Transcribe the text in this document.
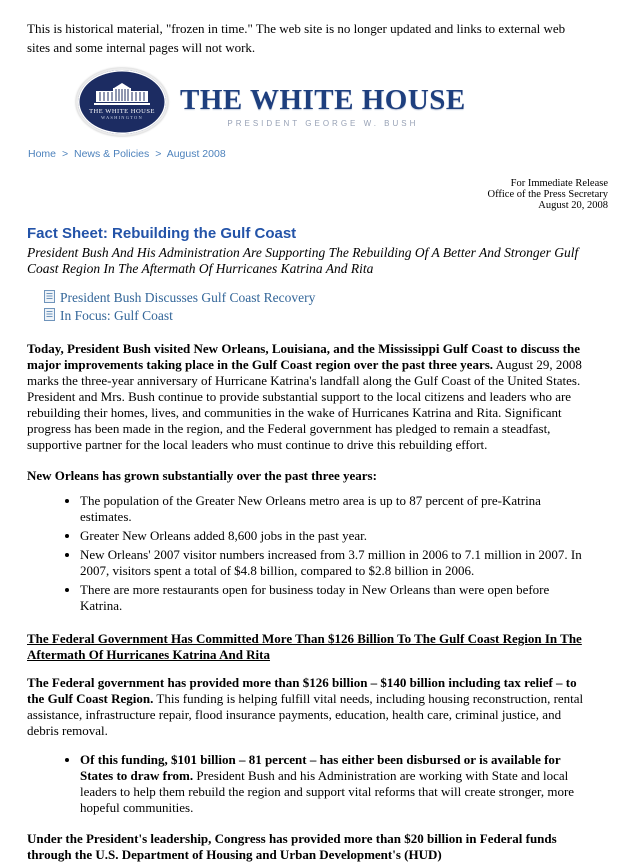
This is historical material, "frozen in time." The web site is no longer updated and links to external web sites and some internal pages will not work.
THE WHITE HOUSE
WASHINGTON
THE WHITE HOUSE
PRESIDENT GEORGE W. BUSH
Home > News & Policies > August 2008
For Immediate Release
Office of the Press Secretary
August 20, 2008
Fact Sheet: Rebuilding the Gulf Coast
President Bush And His Administration Are Supporting The Rebuilding Of A Better And Stronger Gulf Coast Region In The Aftermath Of Hurricanes Katrina And Rita
President Bush Discusses Gulf Coast Recovery
In Focus: Gulf Coast

Today, President Bush visited New Orleans, Louisiana, and the Mississippi Gulf Coast to discuss the major improvements taking place in the Gulf Coast region over the past three years. August 29, 2008 marks the three-year anniversary of Hurricane Katrina's landfall along the Gulf Coast of the United States. President and Mrs. Bush continue to provide substantial support to the local citizens and leaders who are rebuilding their homes, lives, and communities in the wake of Hurricanes Katrina and Rita. Significant progress has been made in the region, and the Federal government has pledged to remain a steadfast, supportive partner for the local leaders who must continue to drive this rebuilding effort.

New Orleans has grown substantially over the past three years:
• The population of the Greater New Orleans metro area is up to 87 percent of pre-Katrina estimates.
• Greater New Orleans added 8,600 jobs in the past year.
• New Orleans' 2007 visitor numbers increased from 3.7 million in 2006 to 7.1 million in 2007. In 2007, visitors spent a total of $4.8 billion, compared to $2.8 billion in 2006.
• There are more restaurants open for business today in New Orleans than were open before Katrina.
The Federal Government Has Committed More Than $126 Billion To The Gulf Coast Region In The Aftermath Of Hurricanes Katrina And Rita

The Federal government has provided more than $126 billion – $140 billion including tax relief – to the Gulf Coast Region. This funding is helping fulfill vital needs, including housing reconstruction, rental assistance, infrastructure repair, flood insurance payments, education, health care, criminal justice, and debris removal.

• Of this funding, $101 billion – 81 percent – has either been disbursed or is available for States to draw from. President Bush and his Administration are working with State and local leaders to help them rebuild the region and support vital reforms that will create stronger, more hopeful communities.

Under the President's leadership, Congress has provided more than $20 billion in Federal funds through the U.S. Department of Housing and Urban Development's (HUD)
